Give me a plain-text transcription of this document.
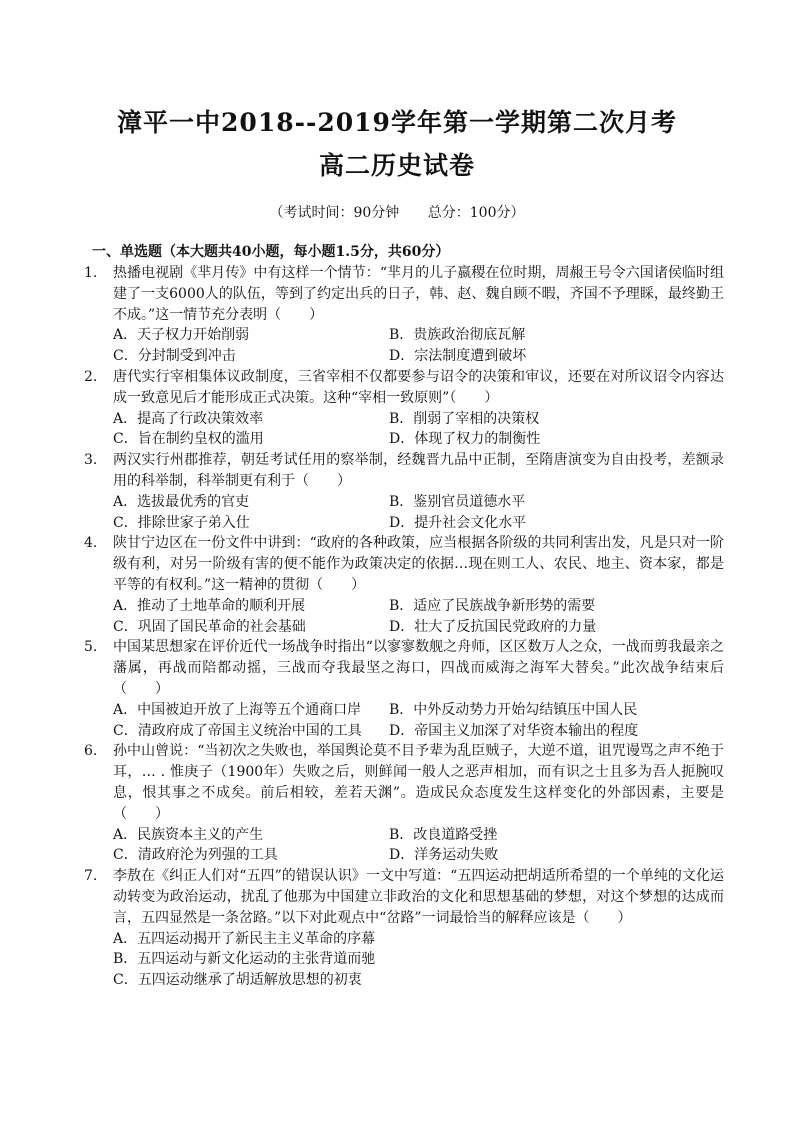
漳平一中2018--2019学年第一学期第二次月考
高二历史试卷
（考试时间：90分钟 总分：100分）
一、单选题（本大题共40小题，每小题1.5分，共60分）
1.	热播电视剧《芈月传》中有这样一个情节：“芈月的儿子嬴稷在位时期，周赧王号令六国诸侯临时组建了一支6000人的队伍，等到了约定出兵的日子，韩、赵、魏自顾不暇，齐国不予理睬，最终勤王不成。”这一情节充分表明（　　）
A．天子权力开始削弱	B．贵族政治彻底瓦解
C．分封制受到冲击	D．宗法制度遭到破坏
2.	唐代实行宰相集体议政制度，三省宰相不仅都要参与诏令的决策和审议，还要在对所议诏令内容达成一致意见后才能形成正式决策。这种“宰相一致原则”（　　）
A．提高了行政决策效率	B．削弱了宰相的决策权
C．旨在制约皇权的滥用	D．体现了权力的制衡性
3.	两汉实行州郡推荐，朝廷考试任用的察举制，经魏晋九品中正制，至隋唐演变为自由投考，差额录用的科举制，科举制更有利于（　　）
A．选拔最优秀的官吏	B．鉴别官员道德水平
C．排除世家子弟入仕	D．提升社会文化水平
4.	陕甘宁边区在一份文件中讲到：“政府的各种政策，应当根据各阶级的共同利害出发，凡是只对一阶级有利，对另一阶级有害的便不能作为政策决定的依据…现在则工人、农民、地主、资本家，都是平等的有权利。”这一精神的贯彻（　　）
A．推动了土地革命的顺利开展	B．适应了民族战争新形势的需要
C．巩固了国民革命的社会基础	D．壮大了反抗国民党政府的力量
5.	中国某思想家在评价近代一场战争时指出“以寥寥数舰之舟师，区区数万人之众，一战而剪我最亲之藩属，再战而陪都动摇，三战而夺我最坚之海口，四战而威海之海军大替矣。”此次战争结束后（　　）
A．中国被迫开放了上海等五个通商口岸	B．中外反动势力开始勾结镇压中国人民
C．清政府成了帝国主义统治中国的工具	D．帝国主义加深了对华资本输出的程度
6.	孙中山曾说：“当初次之失败也，举国舆论莫不目予辈为乱臣贼子，大逆不道，诅咒谩骂之声不绝于耳，… . 惟庚子（1900年）失败之后，则鲜闻一般人之恶声相加，而有识之士且多为吾人扼腕叹息，恨其事之不成矣。前后相较，差若天渊”。造成民众态度发生这样变化的外部因素，主要是（　　）
A．民族资本主义的产生	B．改良道路受挫
C．清政府沦为列强的工具	D．洋务运动失败
7.	李敖在《纠正人们对“五四”的错误认识》一文中写道：“五四运动把胡适所希望的一个单纯的文化运动转变为政治运动，扰乱了他那为中国建立非政治的文化和思想基础的梦想，对这个梦想的达成而言，五四显然是一条岔路。”以下对此观点中“岔路”一词最恰当的解释应该是（　　）
A．五四运动揭开了新民主主义革命的序幕
B．五四运动与新文化运动的主张背道而驰
C．五四运动继承了胡适解放思想的初衷
